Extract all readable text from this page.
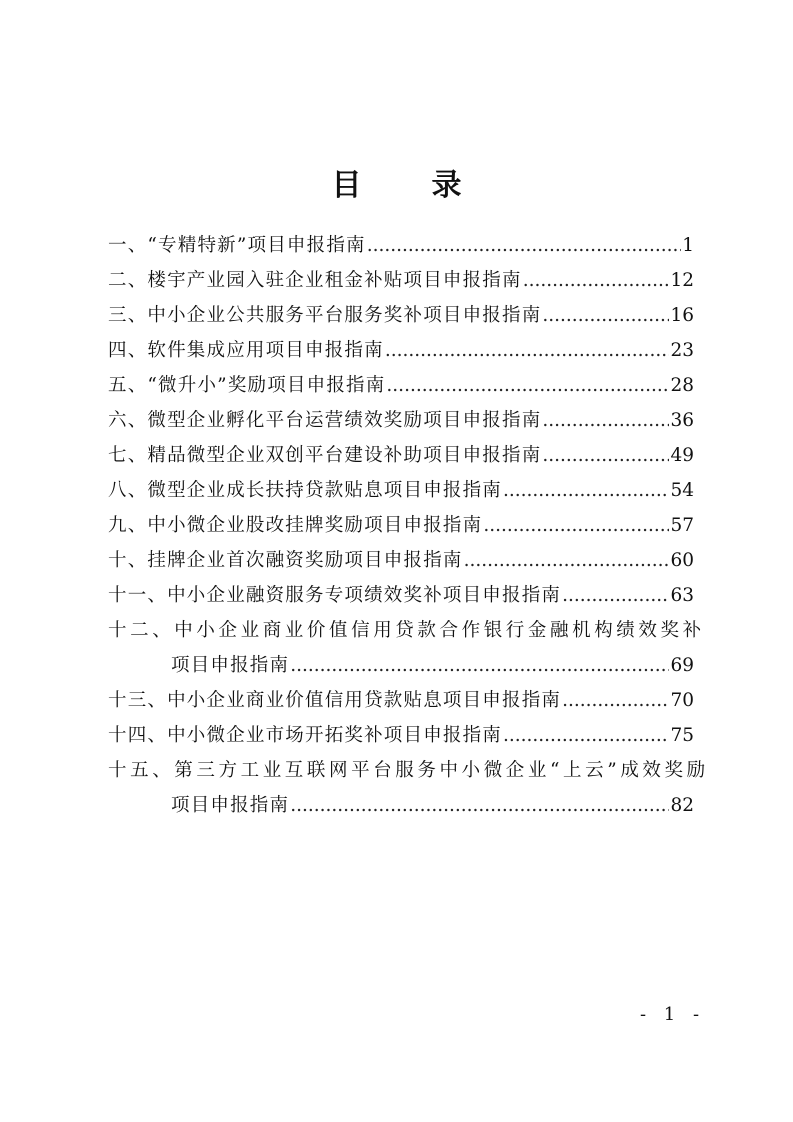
目 录
一、“专精特新”项目申报指南 .....	1
二、楼宇产业园入驻企业租金补贴项目申报指南 .....	12
三、中小企业公共服务平台服务奖补项目申报指南 .....	16
四、软件集成应用项目申报指南 .....	23
五、“微升小”奖励项目申报指南 .....	28
六、微型企业孵化平台运营绩效奖励项目申报指南 .....	36
七、精品微型企业双创平台建设补助项目申报指南 .....	49
八、微型企业成长扶持贷款贴息项目申报指南 .....	54
九、中小微企业股改挂牌奖励项目申报指南 .....	57
十、挂牌企业首次融资奖励项目申报指南 .....	60
十一、中小企业融资服务专项绩效奖补项目申报指南 .....	63
十二、中小企业商业价值信用贷款合作银行金融机构绩效奖补
项目申报指南 .....	69
十三、中小企业商业价值信用贷款贴息项目申报指南 .....	70
十四、中小微企业市场开拓奖补项目申报指南 .....	75
十五、第三方工业互联网平台服务中小微企业“上云”成效奖励
项目申报指南 .....	82
- 1 -
